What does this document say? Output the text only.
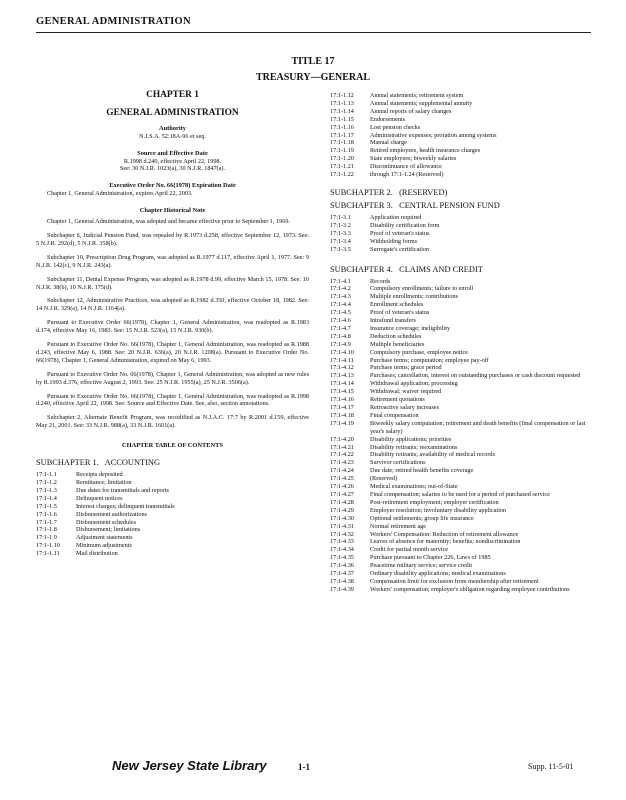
GENERAL ADMINISTRATION
TITLE 17
TREASURY—GENERAL
CHAPTER 1
GENERAL ADMINISTRATION
Authority
N.J.S.A. 52:18A-96 et seq.
Source and Effective Date
R.1998 d.240, effective April 22, 1998.
See: 30 N.J.R. 1023(a), 30 N.J.R. 1847(a).
Executive Order No. 66(1978) Expiration Date
Chapter 1, General Administration, expires April 22, 2003.
Chapter Historical Note

Chapter 1, General Administration, was adopted and became effective prior to September 1, 1969.

Subchapter 6, Judicial Pension Fund, was repealed by R.1973 d.258, effective September 12, 1973. See: 5 N.J.R. 292(d), 5 N.J.R. 358(b).

Subchapter 10, Prescription Drug Program, was adopted as R.1977 d.117, effective April 1, 1977. See: 9 N.J.R. 142(c), 9 N.J.R. 243(a).

Subchapter 11, Dental Expense Program, was adopted as R.1978 d.99, effective March 15, 1978. See: 10 N.J.R. 38(b), 10 N.J.R. 175(d).

Subchapter 12, Administrative Practices, was adopted as R.1982 d.350, effective October 18, 1982. See: 14 N.J.R. 329(a), 14 N.J.R. 1164(a).

Pursuant to Executive Order 66(1978), Chapter 1, General Administration, was readopted as R.1983 d.174, effective May 16, 1983. See: 15 N.J.R. 523(a), 15 N.J.R. 930(b).

Pursuant to Executive Order No. 66(1978), Chapter 1, General Administration, was readopted as R.1988 d.243, effective May 6, 1988. See: 20 N.J.R. 636(a), 20 N.J.R. 1208(a). Pursuant to Executive Order No. 66(1978), Chapter 1, General Administration, expired on May 6, 1993.

Pursuant to Executive Order No. 66(1978), Chapter 1, General Administration, was adopted as new rules by R.1993 d.376, effective August 2, 1993. See: 25 N.J.R. 1955(a), 25 N.J.R. 3506(a).

Pursuant to Executive Order No. 66(1978), Chapter 1, General Administration, was readopted as R.1998 d.240, effective April 22, 1998. See: Source and Effective Date. See, also, section annotations.

Subchapter 2, Alternate Benefit Program, was recodified as N.J.A.C. 17:7 by R.2001 d.159, effective May 21, 2001. See: 33 N.J.R. 988(a), 33 N.J.R. 1601(a).

CHAPTER TABLE OF CONTENTS
SUBCHAPTER 1.   ACCOUNTING
17:1-1.1	Receipts deposited
17:1-1.2	Remittance; limitation
17:1-1.3	Due dates for transmittals and reports
17:1-1.4	Delinquent notices
17:1-1.5	Interest charges; delinquent transmittals
17:1-1.6	Disbursement authorizations
17:1-1.7	Disbursement schedules
17:1-1.8	Disbursement; limitations
17:1-1.9	Adjustment statements
17:1-1.10	Minimum adjustments
17:1-1.11	Mail distribution
17:1-1.12	Annual statements; retirement system
17:1-1.13	Annual statements; supplemental annuity
17:1-1.14	Annual reports of salary changes
17:1-1.15	Endorsements
17:1-1.16	Lost pension checks
17:1-1.17	Administrative expenses; proration among systems
17:1-1.18	Manual charge
17:1-1.19	Retired employees, health insurance charges
17:1-1.20	State employees; biweekly salaries
17:1-1.21	Discontinuance of allowance
17:1-1.22	through 17:1-1.24 (Reserved)
SUBCHAPTER 2.   (RESERVED)
SUBCHAPTER 3.   CENTRAL PENSION FUND
17:1-3.1	Application required
17:1-3.2	Disability certification form
17:1-3.3	Proof of veteran's status
17:1-3.4	Withholding forms
17:1-3.5	Surrogate's certification
SUBCHAPTER 4.   CLAIMS AND CREDIT
17:1-4.1	Records
17:1-4.2	Compulsory enrollments; failure to enroll
17:1-4.3	Multiple enrollments; contributions
17:1-4.4	Enrollment schedules
17:1-4.5	Proof of veteran's status
17:1-4.6	Intrafund transfers
17:1-4.7	Insurance coverage; ineligibility
17:1-4.8	Deduction schedules
17:1-4.9	Multiple beneficiaries
17:1-4.10	Compulsory purchase, employee notice
17:1-4.11	Purchase terms; computation; employee pay-off
17:1-4.12	Purchase terms; grace period
17:1-4.13	Purchases; cancellation, interest on outstanding purchases or cash discount requested
17:1-4.14	Withdrawal application; processing
17:1-4.15	Withdrawal; waiver required
17:1-4.16	Retirement quotations
17:1-4.17	Retroactive salary increases
17:1-4.18	Final compensation
17:1-4.19	Biweekly salary computation; retirement and death benefits (final compensation or last year's salary)
17:1-4.20	Disability applications; priorities
17:1-4.21	Disability retirants; reexaminations
17:1-4.22	Disability retirants; availability of medical records
17:1-4.23	Survivor certifications
17:1-4.24	Due date; retired health benefits coverage
17:1-4.25	(Reserved)
17:1-4.26	Medical examinations; out-of-State
17:1-4.27	Final compensation; salaries to be used for a period of purchased service
17:1-4.28	Post-retirement employment; employer certification
17:1-4.29	Employer resolution; involuntary disability application
17:1-4.30	Optional settlements; group life insurance
17:1-4.31	Normal retirement age
17:1-4.32	Workers' Compensation: Reduction of retirement allowance
17:1-4.33	Leaves of absence for maternity; benefits; nondiscrimination
17:1-4.34	Credit for partial month service
17:1-4.35	Purchase pursuant to Chapter 226, Laws of 1985
17:1-4.36	Peacetime military service; service credit
17:1-4.37	Ordinary disability applications; medical examinations
17:1-4.38	Compensation limit for exclusion from membership after retirement
17:1-4.39	Workers' compensation; employer's obligation regarding employee contributions
New Jersey State Library	1-1	Supp. 11-5-01
